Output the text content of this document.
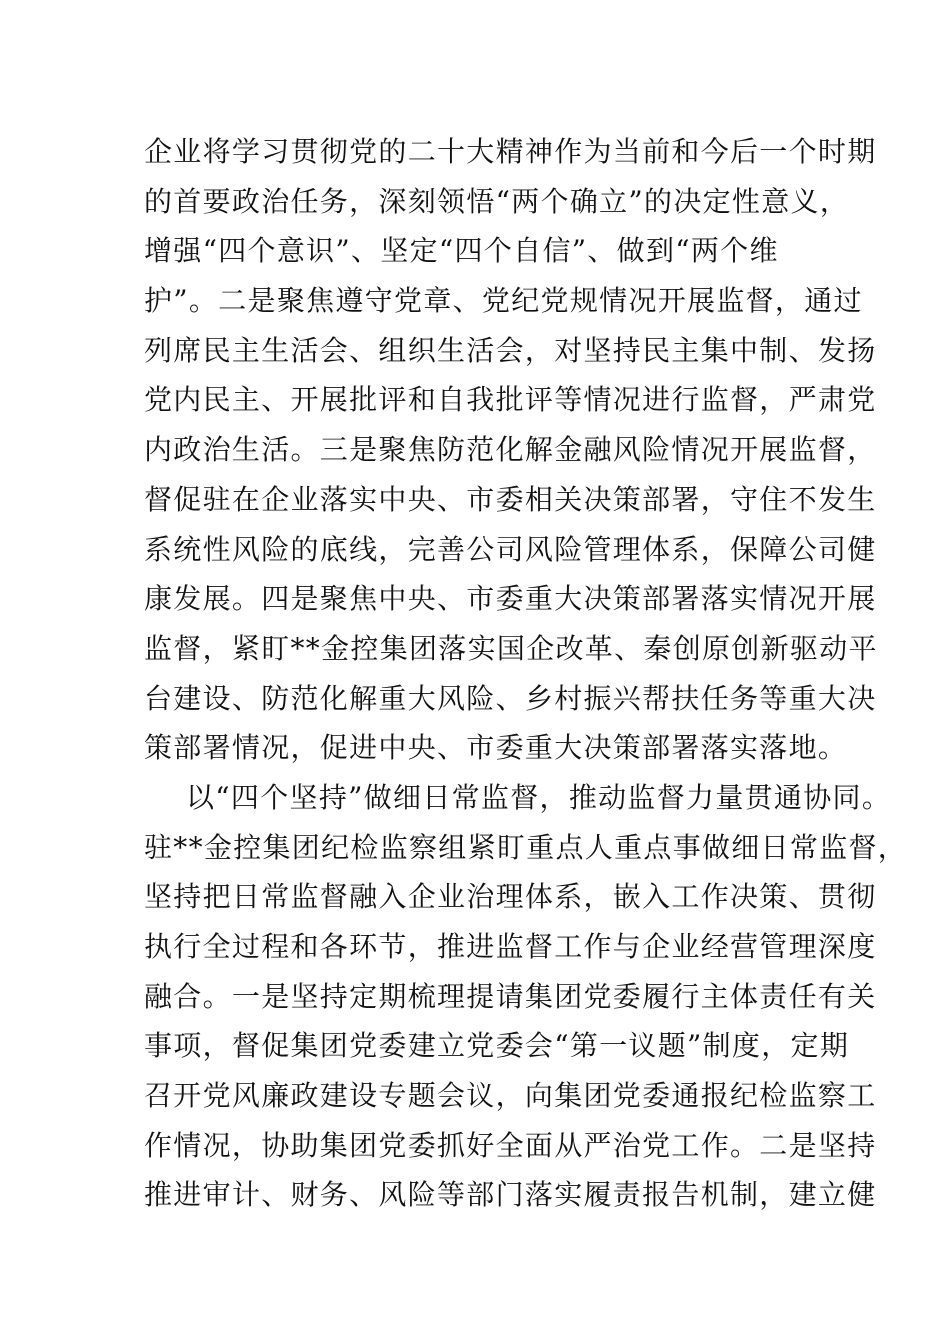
企业将学习贯彻党的二十大精神作为当前和今后一个时期
的首要政治任务，深刻领悟“两个确立”的决定性意义，
增强“四个意识”、坚定“四个自信”、做到“两个维
护”。二是聚焦遵守党章、党纪党规情况开展监督，通过
列席民主生活会、组织生活会，对坚持民主集中制、发扬
党内民主、开展批评和自我批评等情况进行监督，严肃党
内政治生活。三是聚焦防范化解金融风险情况开展监督，
督促驻在企业落实中央、市委相关决策部署，守住不发生
系统性风险的底线，完善公司风险管理体系，保障公司健
康发展。四是聚焦中央、市委重大决策部署落实情况开展
监督，紧盯**金控集团落实国企改革、秦创原创新驱动平
台建设、防范化解重大风险、乡村振兴帮扶任务等重大决
策部署情况，促进中央、市委重大决策部署落实落地。
以“四个坚持”做细日常监督，推动监督力量贯通协同。
驻**金控集团纪检监察组紧盯重点人重点事做细日常监督，
坚持把日常监督融入企业治理体系，嵌入工作决策、贯彻
执行全过程和各环节，推进监督工作与企业经营管理深度
融合。一是坚持定期梳理提请集团党委履行主体责任有关
事项，督促集团党委建立党委会“第一议题”制度，定期
召开党风廉政建设专题会议，向集团党委通报纪检监察工
作情况，协助集团党委抓好全面从严治党工作。二是坚持
推进审计、财务、风险等部门落实履责报告机制，建立健
